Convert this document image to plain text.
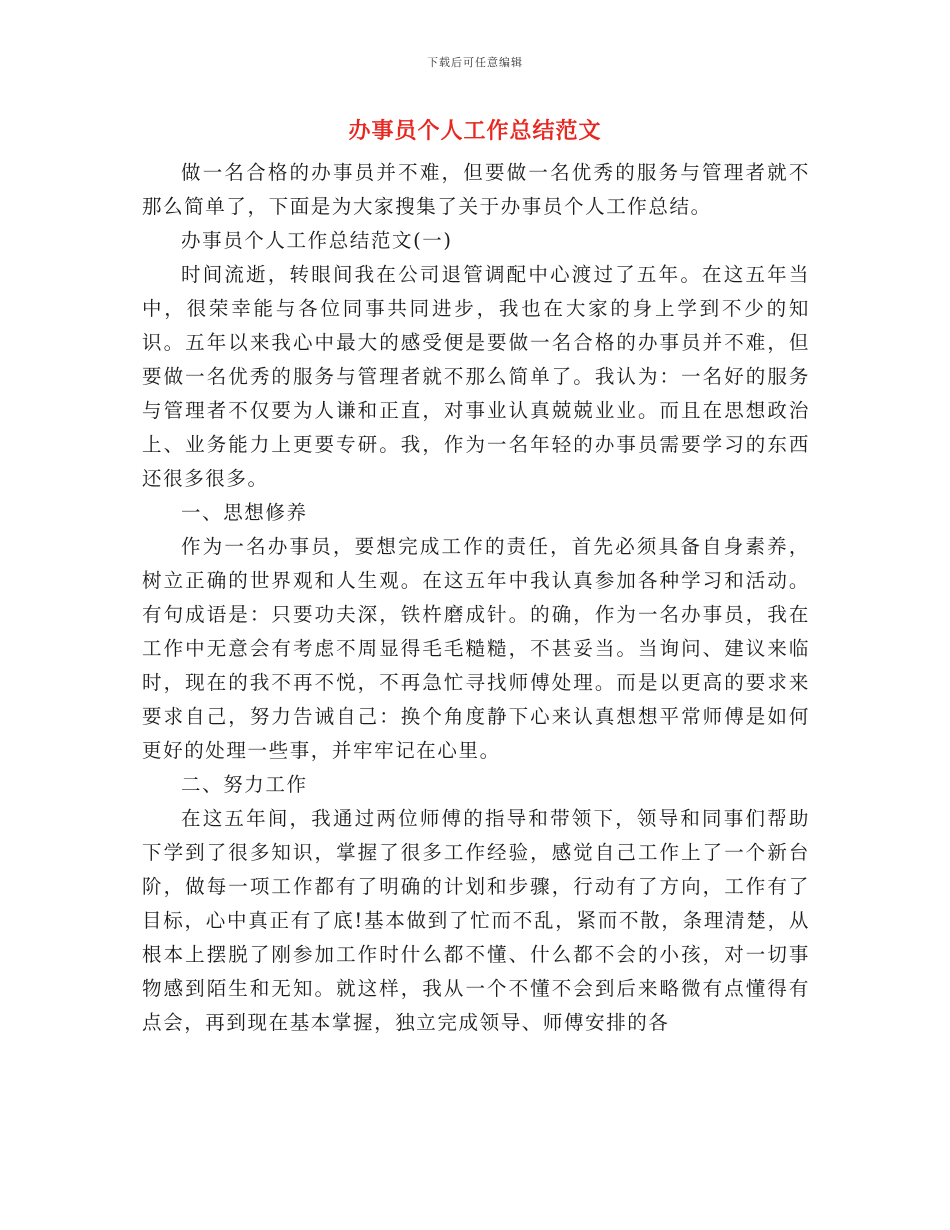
下载后可任意编辑
办事员个人工作总结范文

做一名合格的办事员并不难，但要做一名优秀的服务与管理者就不那么简单了，下面是为大家搜集了关于办事员个人工作总结。

办事员个人工作总结范文(一)

时间流逝，转眼间我在公司退管调配中心渡过了五年。在这五年当中，很荣幸能与各位同事共同进步，我也在大家的身上学到不少的知识。五年以来我心中最大的感受便是要做一名合格的办事员并不难，但要做一名优秀的服务与管理者就不那么简单了。我认为：一名好的服务与管理者不仅要为人谦和正直，对事业认真兢兢业业。而且在思想政治上、业务能力上更要专研。我，作为一名年轻的办事员需要学习的东西还很多很多。

一、思想修养

作为一名办事员，要想完成工作的责任，首先必须具备自身素养，树立正确的世界观和人生观。在这五年中我认真参加各种学习和活动。有句成语是：只要功夫深，铁杵磨成针。的确，作为一名办事员，我在工作中无意会有考虑不周显得毛毛糙糙，不甚妥当。当询问、建议来临时，现在的我不再不悦，不再急忙寻找师傅处理。而是以更高的要求来要求自己，努力告诫自己：换个角度静下心来认真想想平常师傅是如何更好的处理一些事，并牢牢记在心里。

二、努力工作

在这五年间，我通过两位师傅的指导和带领下，领导和同事们帮助下学到了很多知识，掌握了很多工作经验，感觉自己工作上了一个新台阶，做每一项工作都有了明确的计划和步骤，行动有了方向，工作有了目标，心中真正有了底!基本做到了忙而不乱，紧而不散，条理清楚，从根本上摆脱了刚参加工作时什么都不懂、什么都不会的小孩，对一切事物感到陌生和无知。就这样，我从一个不懂不会到后来略微有点懂得有点会，再到现在基本掌握，独立完成领导、师傅安排的各
